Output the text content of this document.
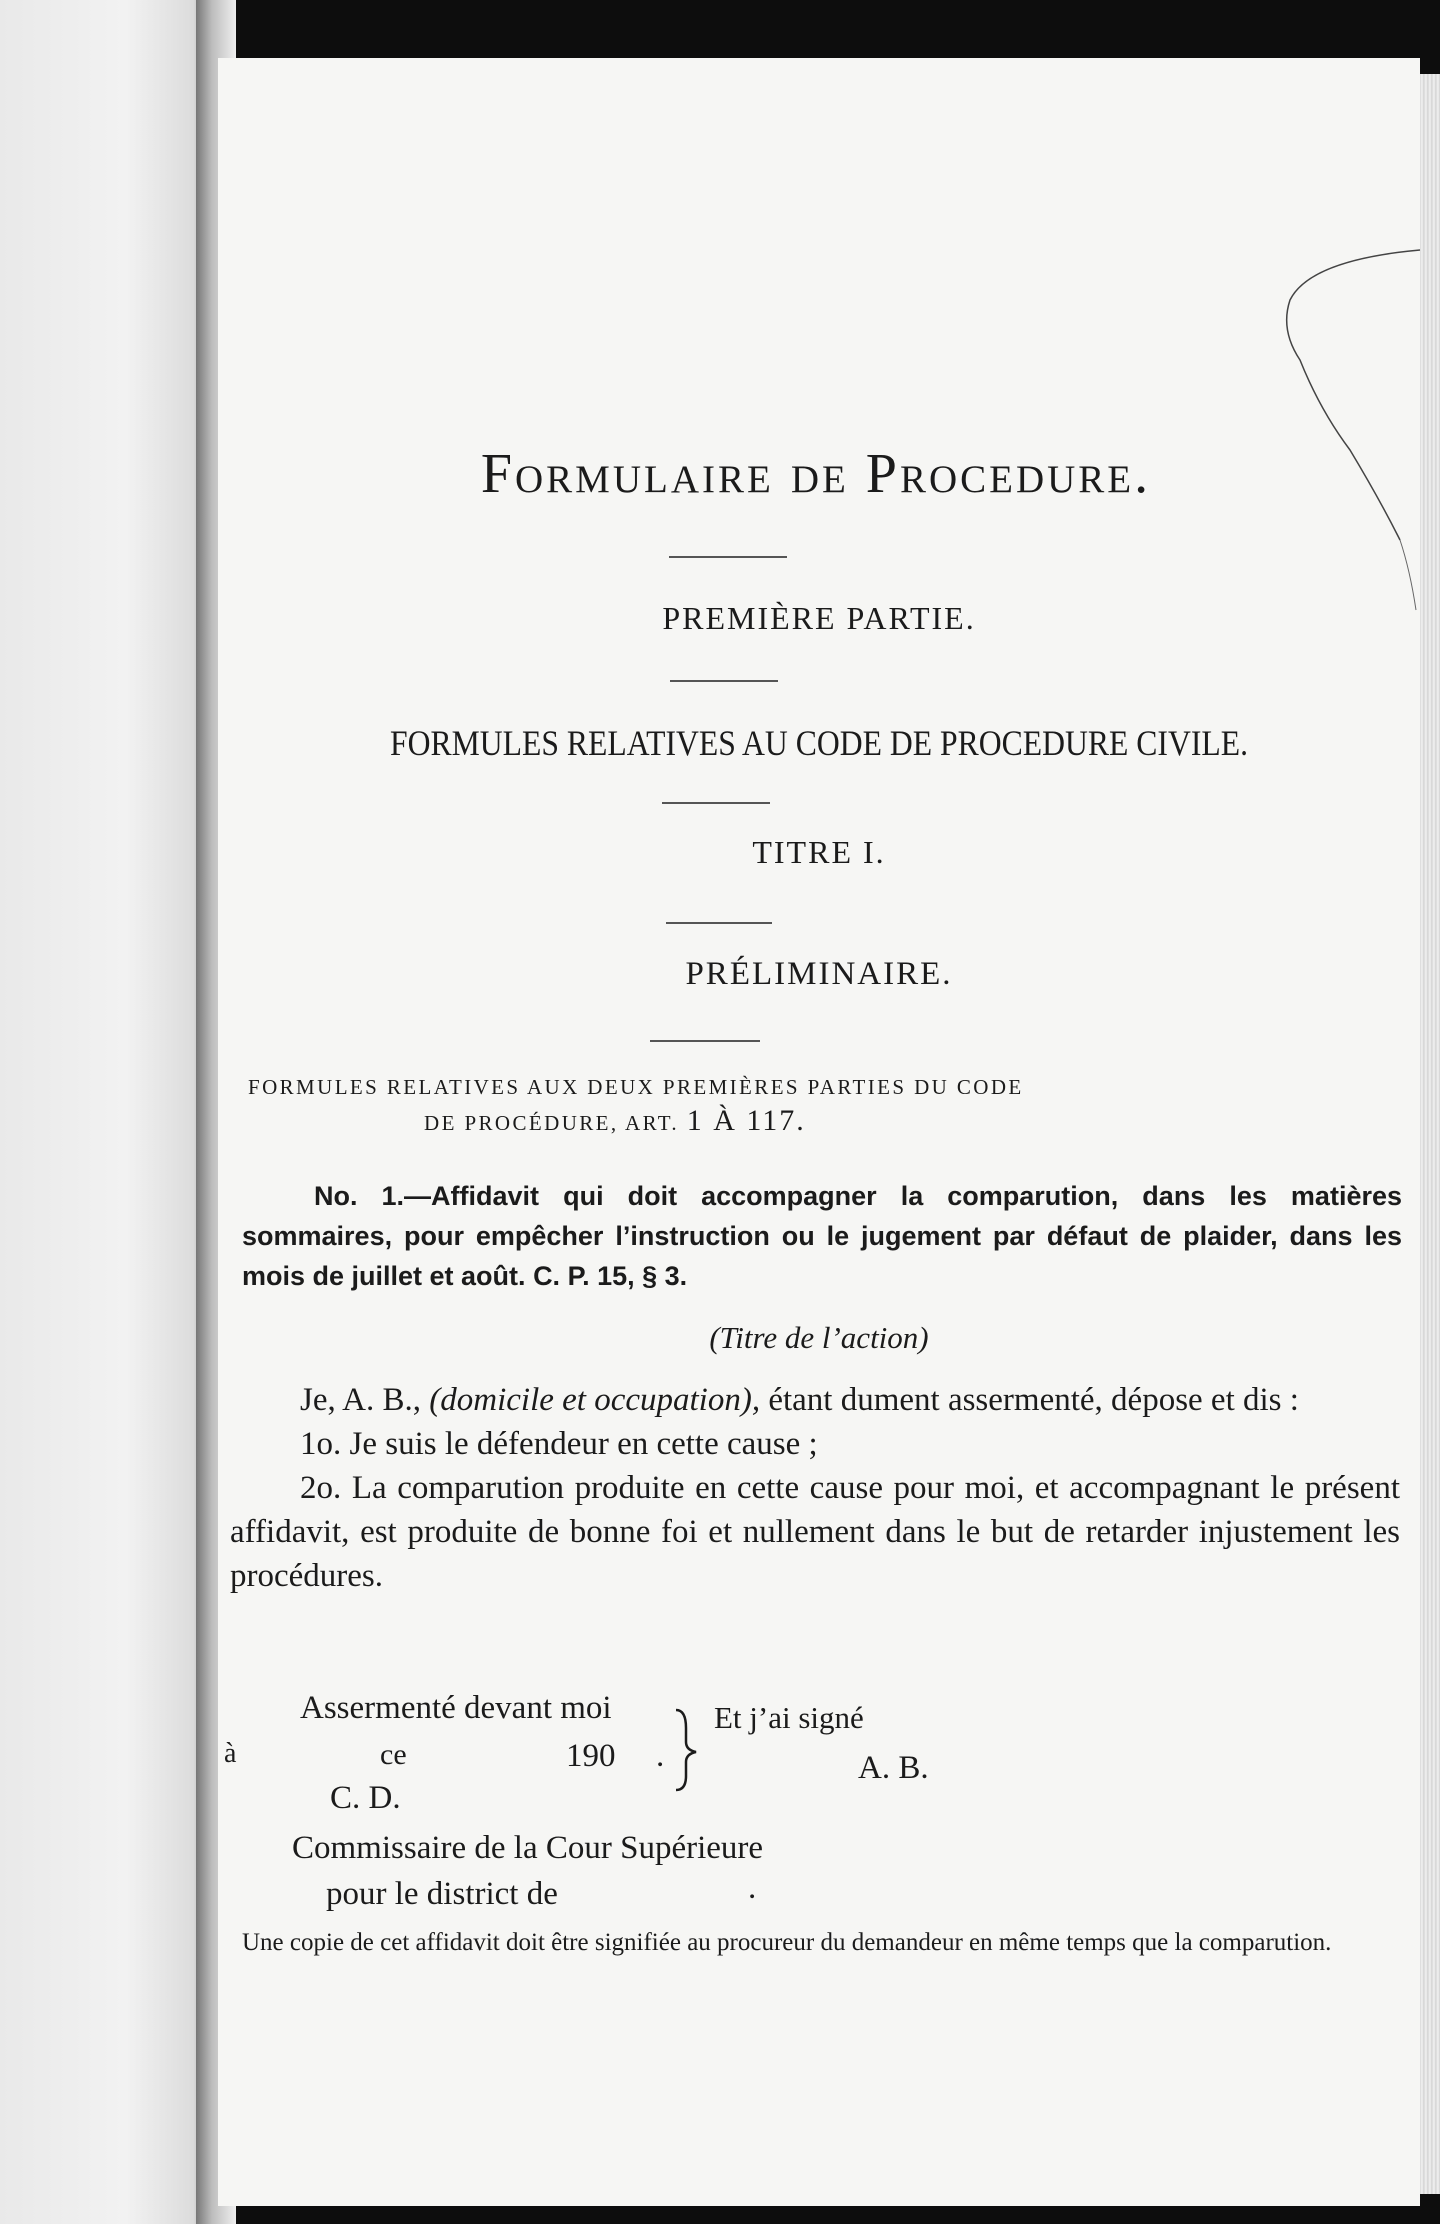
Formulaire de Procedure.
PREMIÈRE PARTIE.
FORMULES RELATIVES AU CODE DE PROCEDURE CIVILE.
TITRE I.
PRÉLIMINAIRE.
FORMULES RELATIVES AUX DEUX PREMIÈRES PARTIES DU CODE
DE PROCÉDURE, ART. 1 À 117.
No. 1.—Affidavit qui doit accompagner la comparution, dans les matières sommaires, pour empêcher l’instruction ou le jugement par défaut de plaider, dans les mois de juillet et août. C. P. 15, § 3.
(Titre de l’action)

Je, A. B., (domicile et occupation), étant dument assermenté, dépose et dis :

1o. Je suis le défendeur en cette cause ;

2o. La comparution produite en cette cause pour moi, et accompagnant le présent affidavit, est produite de bonne foi et nullement dans le but de retarder injustement les procédures.

Assermenté devant moi
à	ce	190 .
Et j’ai signé
A. B.
C. D.
Commissaire de la Cour Supérieure
pour le district de	.

Une copie de cet affidavit doit être signifiée au procureur du demandeur en même temps que la comparution.
